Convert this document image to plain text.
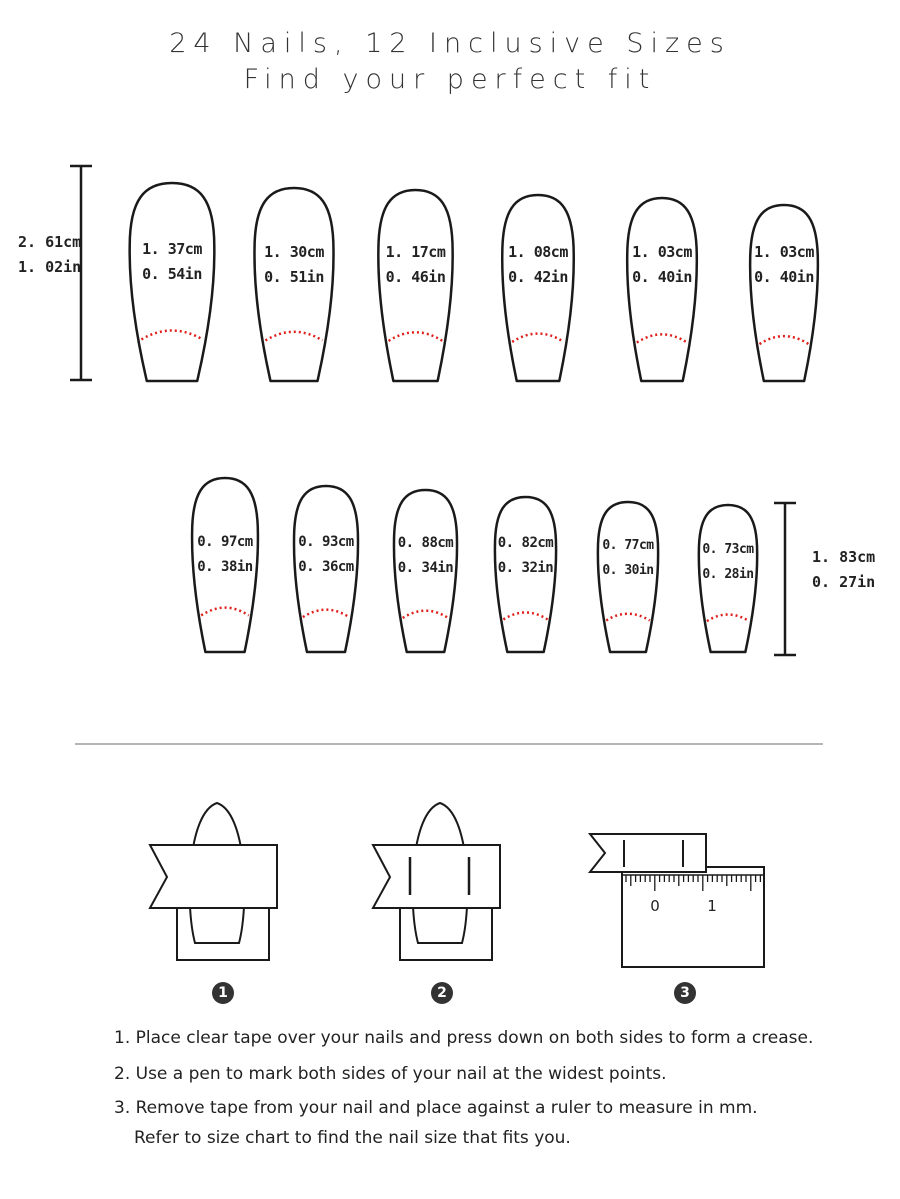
24 Nails, 12 Inclusive Sizes
Find your perfect fit
2. 61cm
1. 02in
1. 37cm
0. 54in
1. 30cm
0. 51in
1. 17cm
0. 46in
1. 08cm
0. 42in
1. 03cm
0. 40in
1. 03cm
0. 40in
0. 97cm
0. 38in
0. 93cm
0. 36cm
0. 88cm
0. 34in
0. 82cm
0. 32in
0. 77cm
0. 30in
0. 73cm
0. 28in
1. 83cm
0. 27in
0	1
1	2	3
1. Place clear tape over your nails and press down on both sides to form a crease.
2. Use a pen to mark both sides of your nail at the widest points.
3. Remove tape from your nail and place against a ruler to measure in mm.
Refer to size chart to find the nail size that fits you.
